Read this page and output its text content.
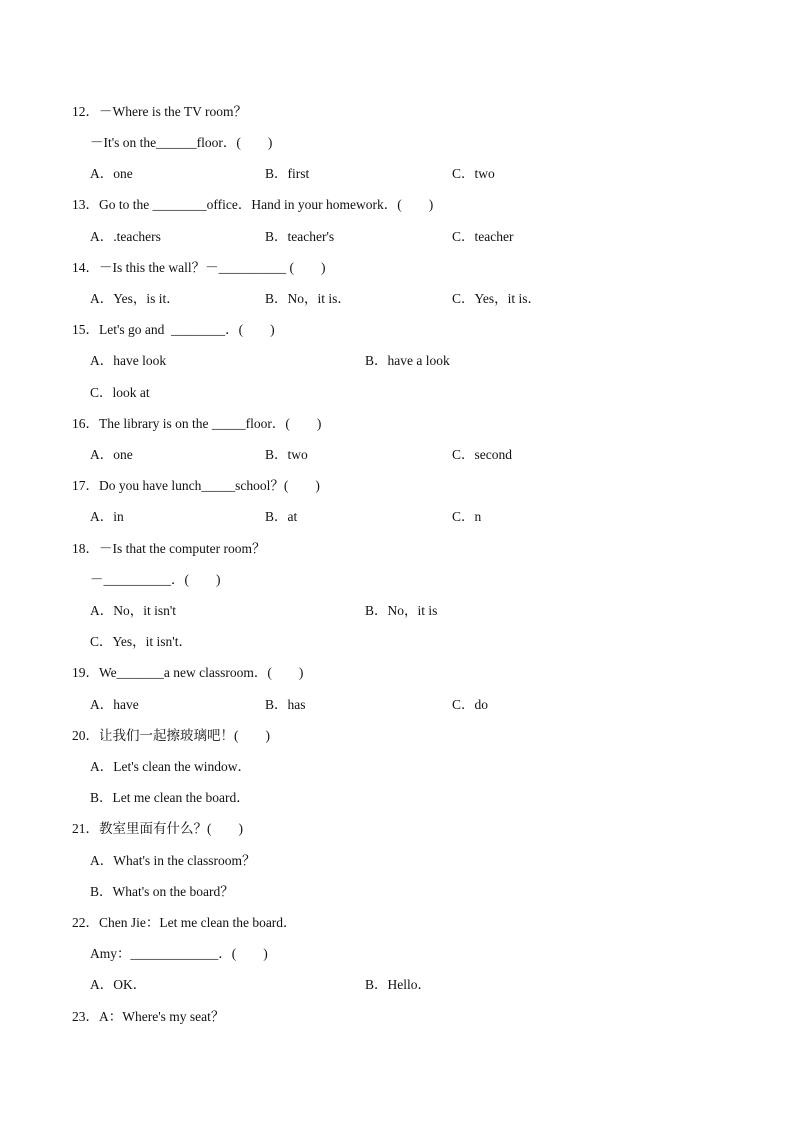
12．－Where is the TV room？
－It's on the______floor．(　　)
A．one	B．first	C．two
13．Go to the ________office．Hand in your homework．(　　)
A．.teachers	B．teacher's	C．teacher
14．－Is this the wall？－__________ (　　)
A．Yes，is it．	B．No，it is．	C．Yes，it is．
15．Let's go and  ________．(　　)
A．have look	B．have a look
C．look at
16．The library is on the _____floor．(　　)
A．one	B．two	C．second
17．Do you have lunch_____school？(　　)
A．in	B．at	C．n
18．－Is that the computer room？
－__________．(　　)
A．No，it isn't	B．No，it is
C．Yes，it isn't．
19．We_______a new classroom．(　　)
A．have	B．has	C．do
20．让我们一起擦玻璃吧！(　　)
A．Let's clean the window．
B．Let me clean the board．
21．教室里面有什么？(　　)
A．What's in the classroom？
B．What's on the board？
22．Chen Jie：Let me clean the board．
Amy：_____________．(　　)
A．OK．	B．Hello．
23．A：Where's my seat？
